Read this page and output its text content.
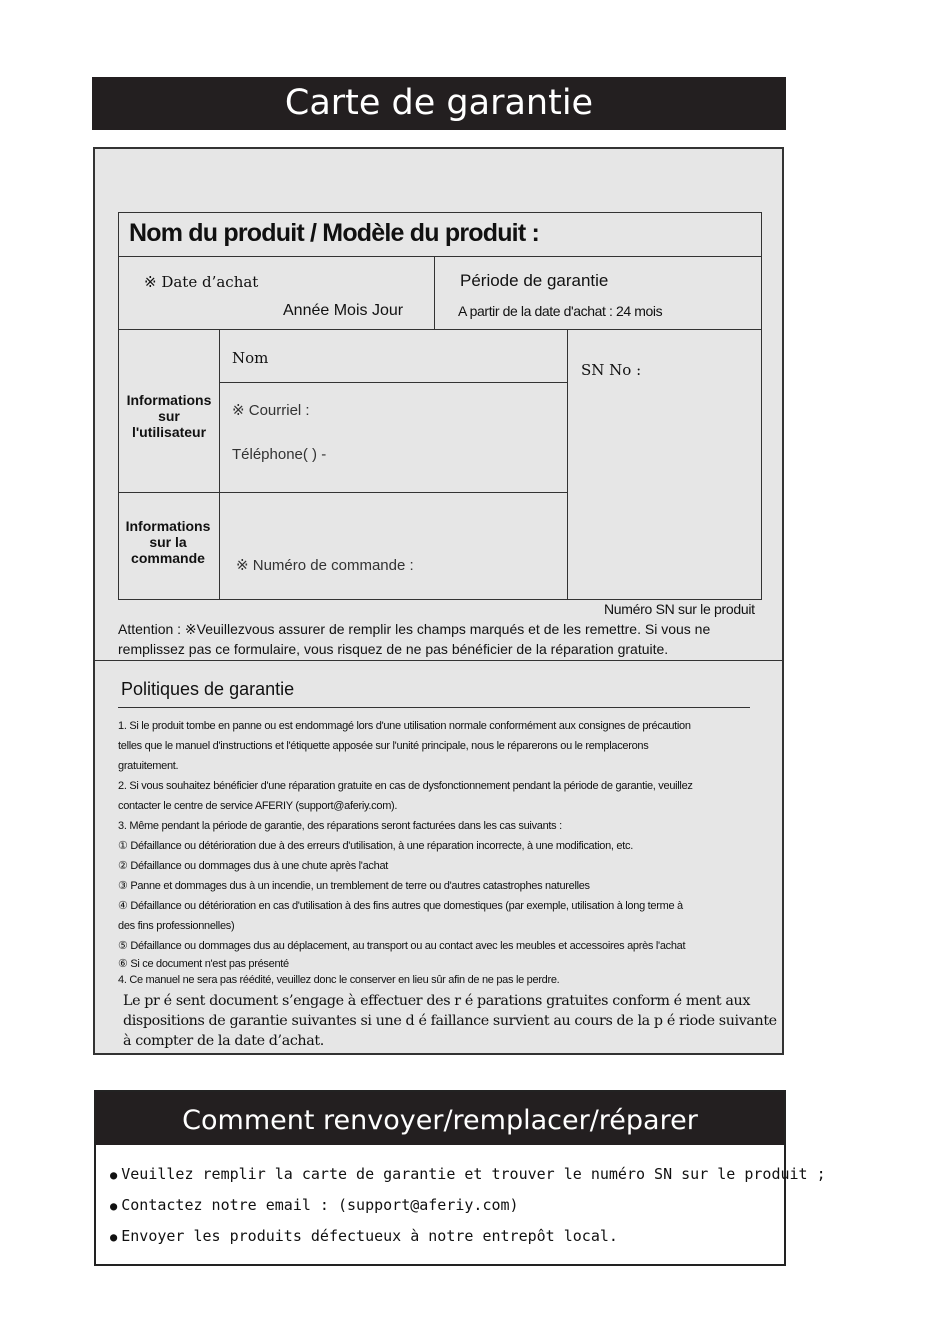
Carte de garantie
Nom du produit / Modèle du produit :
※ Date d’achat
Année Mois Jour
Période de garantie
A partir de la date d'achat : 24 mois
Informations
sur
l'utilisateur
Nom
※ Courriel :
Téléphone( ) -
SN No :
Informations
sur la
commande	※ Numéro de commande :
Numéro SN sur le produit
Attention : ※Veuillezvous assurer de remplir les champs marqués et de les remettre. Si vous ne remplissez pas ce formulaire, vous risquez de ne pas bénéficier de la réparation gratuite.
Politiques de garantie
1. Si le produit tombe en panne ou est endommagé lors d'une utilisation normale conformément aux consignes de précaution
telles que le manuel d'instructions et l'étiquette apposée sur l'unité principale, nous le réparerons ou le remplacerons
gratuitement.
2. Si vous souhaitez bénéficier d'une réparation gratuite en cas de dysfonctionnement pendant la période de garantie, veuillez
contacter le centre de service AFERIY (support@aferiy.com).
3. Même pendant la période de garantie, des réparations seront facturées dans les cas suivants :
① Défaillance ou détérioration due à des erreurs d'utilisation, à une réparation incorrecte, à une modification, etc.
② Défaillance ou dommages dus à une chute après l'achat
③ Panne et dommages dus à un incendie, un tremblement de terre ou d'autres catastrophes naturelles
④ Défaillance ou détérioration en cas d'utilisation à des fins autres que domestiques (par exemple, utilisation à long terme à
des fins professionnelles)
⑤ Défaillance ou dommages dus au déplacement, au transport ou au contact avec les meubles et accessoires après l'achat
⑥ Si ce document n'est pas présenté
4. Ce manuel ne sera pas réédité, veuillez donc le conserver en lieu sûr afin de ne pas le perdre.
Le pr é sent document s’engage à effectuer des r é parations gratuites conform é ment aux dispositions de garantie suivantes si une d é faillance survient au cours de la p é riode suivante à compter de la date d’achat.
Comment renvoyer/remplacer/réparer
● Veuillez remplir la carte de garantie et trouver le numéro SN sur le produit ;
● Contactez notre email : (support@aferiy.com)
● Envoyer les produits défectueux à notre entrepôt local.
